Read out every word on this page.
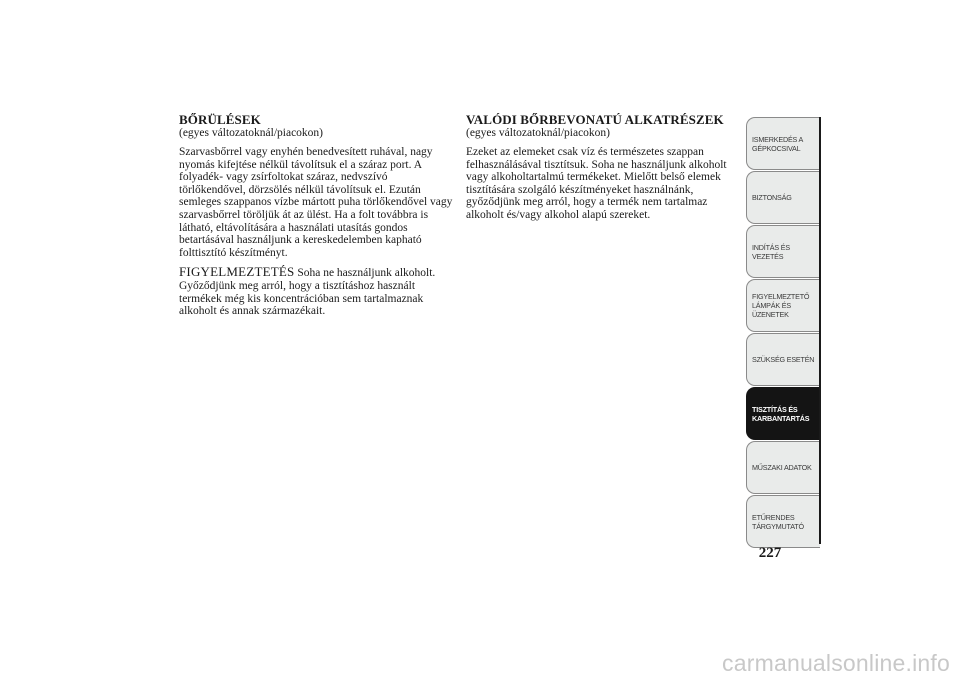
BŐRÜLÉSEK

(egyes változatoknál/piacokon)

Szarvasbőrrel vagy enyhén benedvesített ruhával, nagy nyomás kifejtése nélkül távolítsuk el a száraz port. A folyadék- vagy zsírfoltokat száraz, nedvszívó törlőkendővel, dörzsölés nélkül távolítsuk el. Ezután semleges szappanos vízbe mártott puha törlőkendővel vagy szarvasbőrrel töröljük át az ülést. Ha a folt továbbra is látható, eltávolítására a használati utasítás gondos betartásával használjunk a kereskedelemben kapható folttisztító készítményt.

FIGYELMEZTETÉS Soha ne használjunk alkoholt. Győződjünk meg arról, hogy a tisztításhoz használt termékek még kis koncentrációban sem tartalmaznak alkoholt és annak származékait.

VALÓDI BŐRBEVONATÚ ALKATRÉSZEK

(egyes változatoknál/piacokon)

Ezeket az elemeket csak víz és természetes szappan felhasználásával tisztítsuk. Soha ne használjunk alkoholt vagy alkoholtartalmú termékeket. Mielőtt belső elemek tisztítására szolgáló készítményeket használnánk, győződjünk meg arról, hogy a termék nem tartalmaz alkoholt és/vagy alkohol alapú szereket.

ISMERKEDÉS A
GÉPKOCSIVAL
BIZTONSÁG
INDÍTÁS ÉS
VEZETÉS
FIGYELMEZTETŐ
LÁMPÁK ÉS
ÜZENETEK
SZÜKSÉG ESETÉN
TISZTÍTÁS ÉS
KARBANTARTÁS
MŰSZAKI ADATOK
ETŰRENDES
TÁRGYMUTATÓ
227
carmanualsonline.info
